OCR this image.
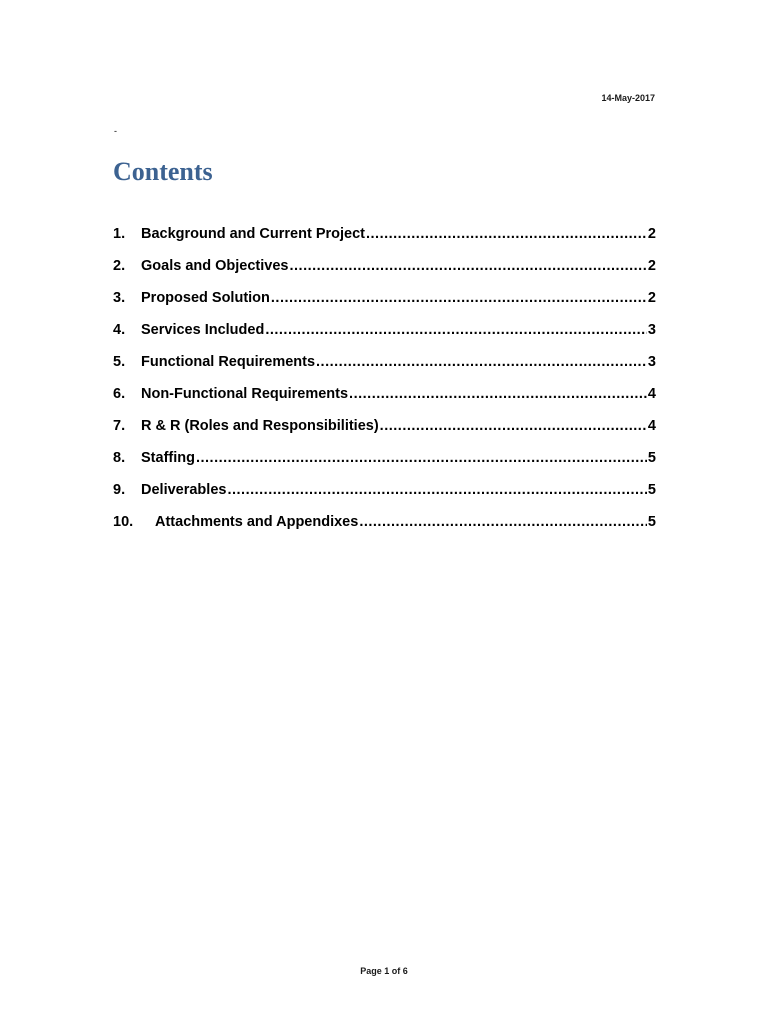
14-May-2017
-
Contents
1.	Background and Current Project .....	2
2.	Goals and Objectives .....	2
3.	Proposed Solution .....	2
4.	Services Included .....	3
5.	Functional Requirements .....	3
6.	Non-Functional Requirements .....	4
7.	R & R (Roles and Responsibilities) .....	4
8.	Staffing .....	5
9.	Deliverables .....	5
10.	Attachments and Appendixes .....	5
Page 1 of 6
